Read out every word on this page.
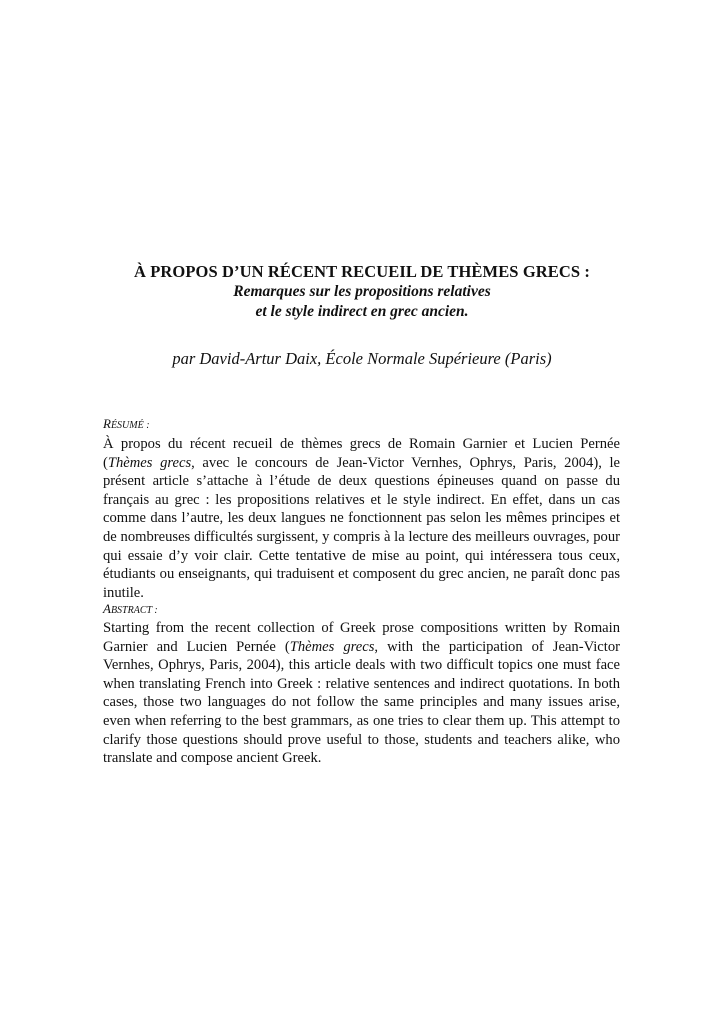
À PROPOS D’UN RÉCENT RECUEIL DE THÈMES GRECS :
Remarques sur les propositions relatives
et le style indirect en grec ancien.
par David-Artur Daix, École Normale Supérieure (Paris)
RÉSUMÉ :
À propos du récent recueil de thèmes grecs de Romain Garnier et Lucien Pernée
(Thèmes grecs, avec le concours de Jean-Victor Vernhes, Ophrys, Paris, 2004), le
présent article s’attache à l’étude de deux questions épineuses quand on passe du
français au grec : les propositions relatives et le style indirect. En effet, dans un cas
comme dans l’autre, les deux langues ne fonctionnent pas selon les mêmes principes et
de nombreuses difficultés surgissent, y compris à la lecture des meilleurs ouvrages, pour
qui essaie d’y voir clair. Cette tentative de mise au point, qui intéressera tous ceux,
étudiants ou enseignants, qui traduisent et composent du grec ancien, ne paraît donc pas
inutile.
ABSTRACT :
Starting from the recent collection of Greek prose compositions written by Romain
Garnier and Lucien Pernée (Thèmes grecs, with the participation of Jean-Victor
Vernhes, Ophrys, Paris, 2004), this article deals with two difficult topics one must face
when translating French into Greek : relative sentences and indirect quotations. In both
cases, those two languages do not follow the same principles and many issues arise,
even when referring to the best grammars, as one tries to clear them up. This attempt to
clarify those questions should prove useful to those, students and teachers alike, who
translate and compose ancient Greek.
